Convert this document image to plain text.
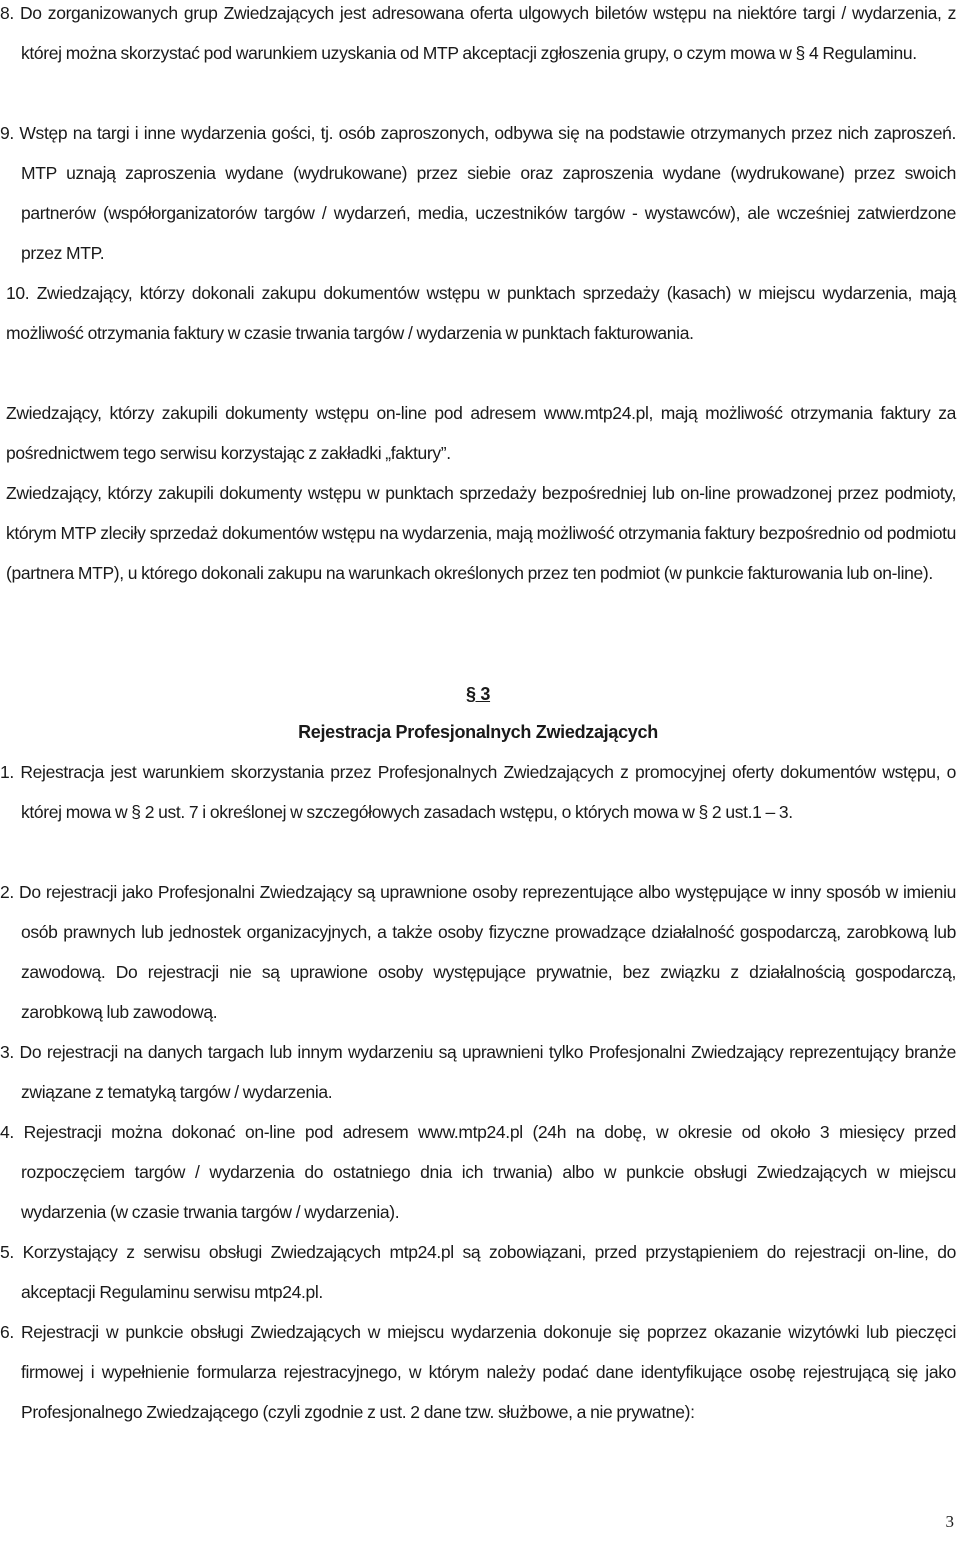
8. Do zorganizowanych grup Zwiedzających jest adresowana oferta ulgowych biletów wstępu na niektóre targi / wydarzenia, z której można skorzystać pod warunkiem uzyskania od MTP akceptacji zgłoszenia grupy, o czym mowa w § 4 Regulaminu.

9. Wstęp na targi i inne wydarzenia gości, tj. osób zaproszonych, odbywa się na podstawie otrzymanych przez nich zaproszeń. MTP uznają zaproszenia wydane (wydrukowane) przez siebie oraz zaproszenia wydane (wydrukowane) przez swoich partnerów (współorganizatorów targów / wydarzeń, media, uczestników targów - wystawców), ale wcześniej zatwierdzone przez MTP.

10. Zwiedzający, którzy dokonali zakupu dokumentów wstępu w punktach sprzedaży (kasach) w miejscu wydarzenia, mają możliwość otrzymania faktury w czasie trwania targów / wydarzenia w punktach fakturowania.

Zwiedzający, którzy zakupili dokumenty wstępu on-line pod adresem www.mtp24.pl, mają możliwość otrzymania faktury za pośrednictwem tego serwisu korzystając z zakładki „faktury”.

Zwiedzający, którzy zakupili dokumenty wstępu w punktach sprzedaży bezpośredniej lub on-line prowadzonej przez podmioty, którym MTP zleciły sprzedaż dokumentów wstępu na wydarzenia, mają możliwość otrzymania faktury bezpośrednio od podmiotu (partnera MTP), u którego dokonali zakupu na warunkach określonych przez ten podmiot (w punkcie fakturowania lub on-line).

§ 3
Rejestracja Profesjonalnych Zwiedzających

1. Rejestracja jest warunkiem skorzystania przez Profesjonalnych Zwiedzających z promocyjnej oferty dokumentów wstępu, o której mowa w § 2 ust. 7 i określonej w szczegółowych zasadach wstępu, o których mowa w § 2 ust.1 – 3.

2. Do rejestracji jako Profesjonalni Zwiedzający są uprawnione osoby reprezentujące albo występujące w inny sposób w imieniu osób prawnych lub jednostek organizacyjnych, a także osoby fizyczne prowadzące działalność gospodarczą, zarobkową lub zawodową. Do rejestracji nie są uprawione osoby występujące prywatnie, bez związku z działalnością gospodarczą, zarobkową lub zawodową.

3. Do rejestracji na danych targach lub innym wydarzeniu są uprawnieni tylko Profesjonalni Zwiedzający reprezentujący branże związane z tematyką targów / wydarzenia.

4. Rejestracji można dokonać on-line pod adresem www.mtp24.pl (24h na dobę, w okresie od około 3 miesięcy przed rozpoczęciem targów / wydarzenia do ostatniego dnia ich trwania) albo w punkcie obsługi Zwiedzających w miejscu wydarzenia (w czasie trwania targów / wydarzenia).

5. Korzystający z serwisu obsługi Zwiedzających mtp24.pl są zobowiązani, przed przystąpieniem do rejestracji on-line, do akceptacji Regulaminu serwisu mtp24.pl.

6. Rejestracji w punkcie obsługi Zwiedzających w miejscu wydarzenia dokonuje się poprzez okazanie wizytówki lub pieczęci firmowej i wypełnienie formularza rejestracyjnego, w którym należy podać dane identyfikujące osobę rejestrującą się jako Profesjonalnego Zwiedzającego (czyli zgodnie z ust. 2 dane tzw. służbowe, a nie prywatne):

3
